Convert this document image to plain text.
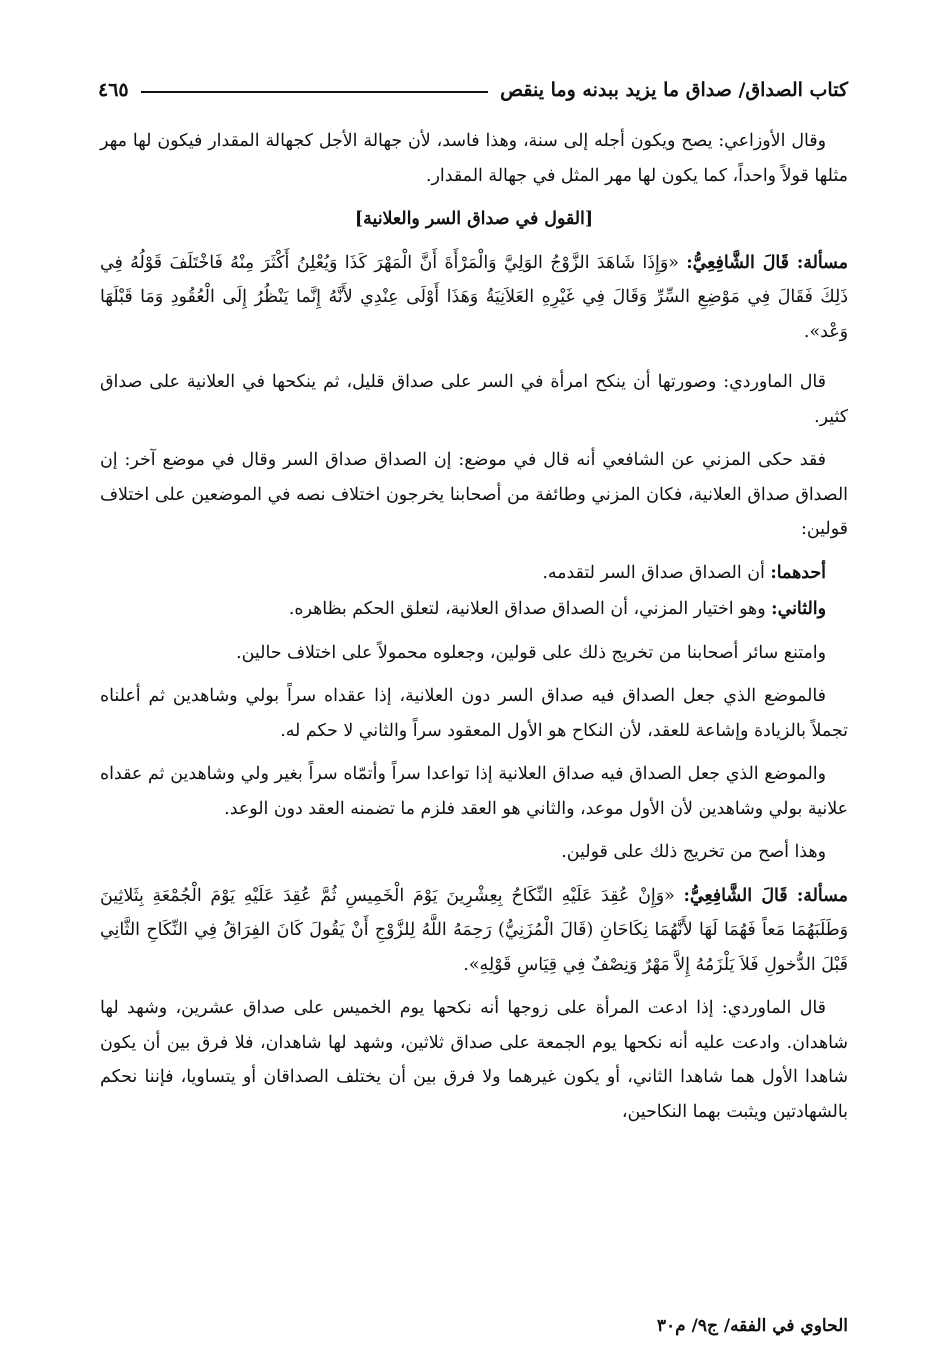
كتاب الصداق/ صداق ما يزيد ببدنه وما ينقص
٤٦٥

وقال الأوزاعي: يصح ويكون أجله إلى سنة، وهذا فاسد، لأن جهالة الأجل كجهالة المقدار فيكون لها مهر مثلها قولاً واحداً، كما يكون لها مهر المثل في جهالة المقدار.

[القول في صداق السر والعلانية]

مسألة: قَالَ الشَّافِعِيُّ: «وَإِذَا شَاهَدَ الزَّوْجُ الوَلِيَّ وَالْمَرْأَةَ أَنَّ الْمَهْرَ كَذَا وَيُعْلِنُ أَكْثَرَ مِنْهُ فَاخْتَلَفَ قَوْلُهُ فِي ذَلِكَ فَقَالَ فِي مَوْضِعِ السِّرِّ وَقَالَ فِي غَيْرِهِ العَلاَنِيَةُ وَهَذَا أَوْلَى عِنْدِي لأَنَّهُ إِنَّما يَنْظُرُ إِلَى الْعُقُودِ وَمَا قَبْلَهَا وَعْد».

قال الماوردي: وصورتها أن ينكح امرأة في السر على صداق قليل، ثم ينكحها في العلانية على صداق كثير.

فقد حكى المزني عن الشافعي أنه قال في موضع: إن الصداق صداق السر وقال في موضع آخر: إن الصداق صداق العلانية، فكان المزني وطائفة من أصحابنا يخرجون اختلاف نصه في الموضعين على اختلاف قولين:

أحدهما: أن الصداق صداق السر لتقدمه.

والثاني: وهو اختيار المزني، أن الصداق صداق العلانية، لتعلق الحكم بظاهره.

وامتنع سائر أصحابنا من تخريج ذلك على قولين، وجعلوه محمولاً على اختلاف حالين.

فالموضع الذي جعل الصداق فيه صداق السر دون العلانية، إذا عقداه سراً بولي وشاهدين ثم أعلناه تجملاً بالزيادة وإشاعة للعقد، لأن النكاح هو الأول المعقود سراً والثاني لا حكم له.

والموضع الذي جعل الصداق فيه صداق العلانية إذا تواعدا سراً وأتمّاه سراً بغير ولي وشاهدين ثم عقداه علانية بولي وشاهدين لأن الأول موعد، والثاني هو العقد فلزم ما تضمنه العقد دون الوعد.

وهذا أصح من تخريج ذلك على قولين.

مسألة: قَالَ الشَّافِعِيُّ: «وَإِنْ عُقِدَ عَلَيْهِ النِّكَاحُ بِعِشْرِينَ يَوْمَ الْخَمِيسِ ثُمَّ عُقِدَ عَلَيْهِ يَوْمَ الْجُمْعَةِ بِثَلاثِينَ وَطَلَبَهُمَا مَعاً فَهُمَا لَهَا لأَنَّهُمَا نِكَاحَانِ (قَالَ الْمُزَنِيُّ) رَحِمَهُ اللَّهُ لِلزَّوْجِ أَنْ يَقُولَ كَانَ الفِرَاقُ فِي النِّكَاحِ الثَّانِي قَبْلَ الدُّخولِ فَلاَ يَلْزَمُهُ إِلاَّ مَهْرٌ وَنِصْفٌ فِي قِيَاسِ قَوْلِهِ».

قال الماوردي: إذا ادعت المرأة على زوجها أنه نكحها يوم الخميس على صداق عشرين، وشهد لها شاهدان. وادعت عليه أنه نكحها يوم الجمعة على صداق ثلاثين، وشهد لها شاهدان، فلا فرق بين أن يكون شاهدا الأول هما شاهدا الثاني، أو يكون غيرهما ولا فرق بين أن يختلف الصداقان أو يتساويا، فإننا نحكم بالشهادتين ويثبت بهما النكاحين،

الحاوي في الفقه/ ج٩/ م٣٠
